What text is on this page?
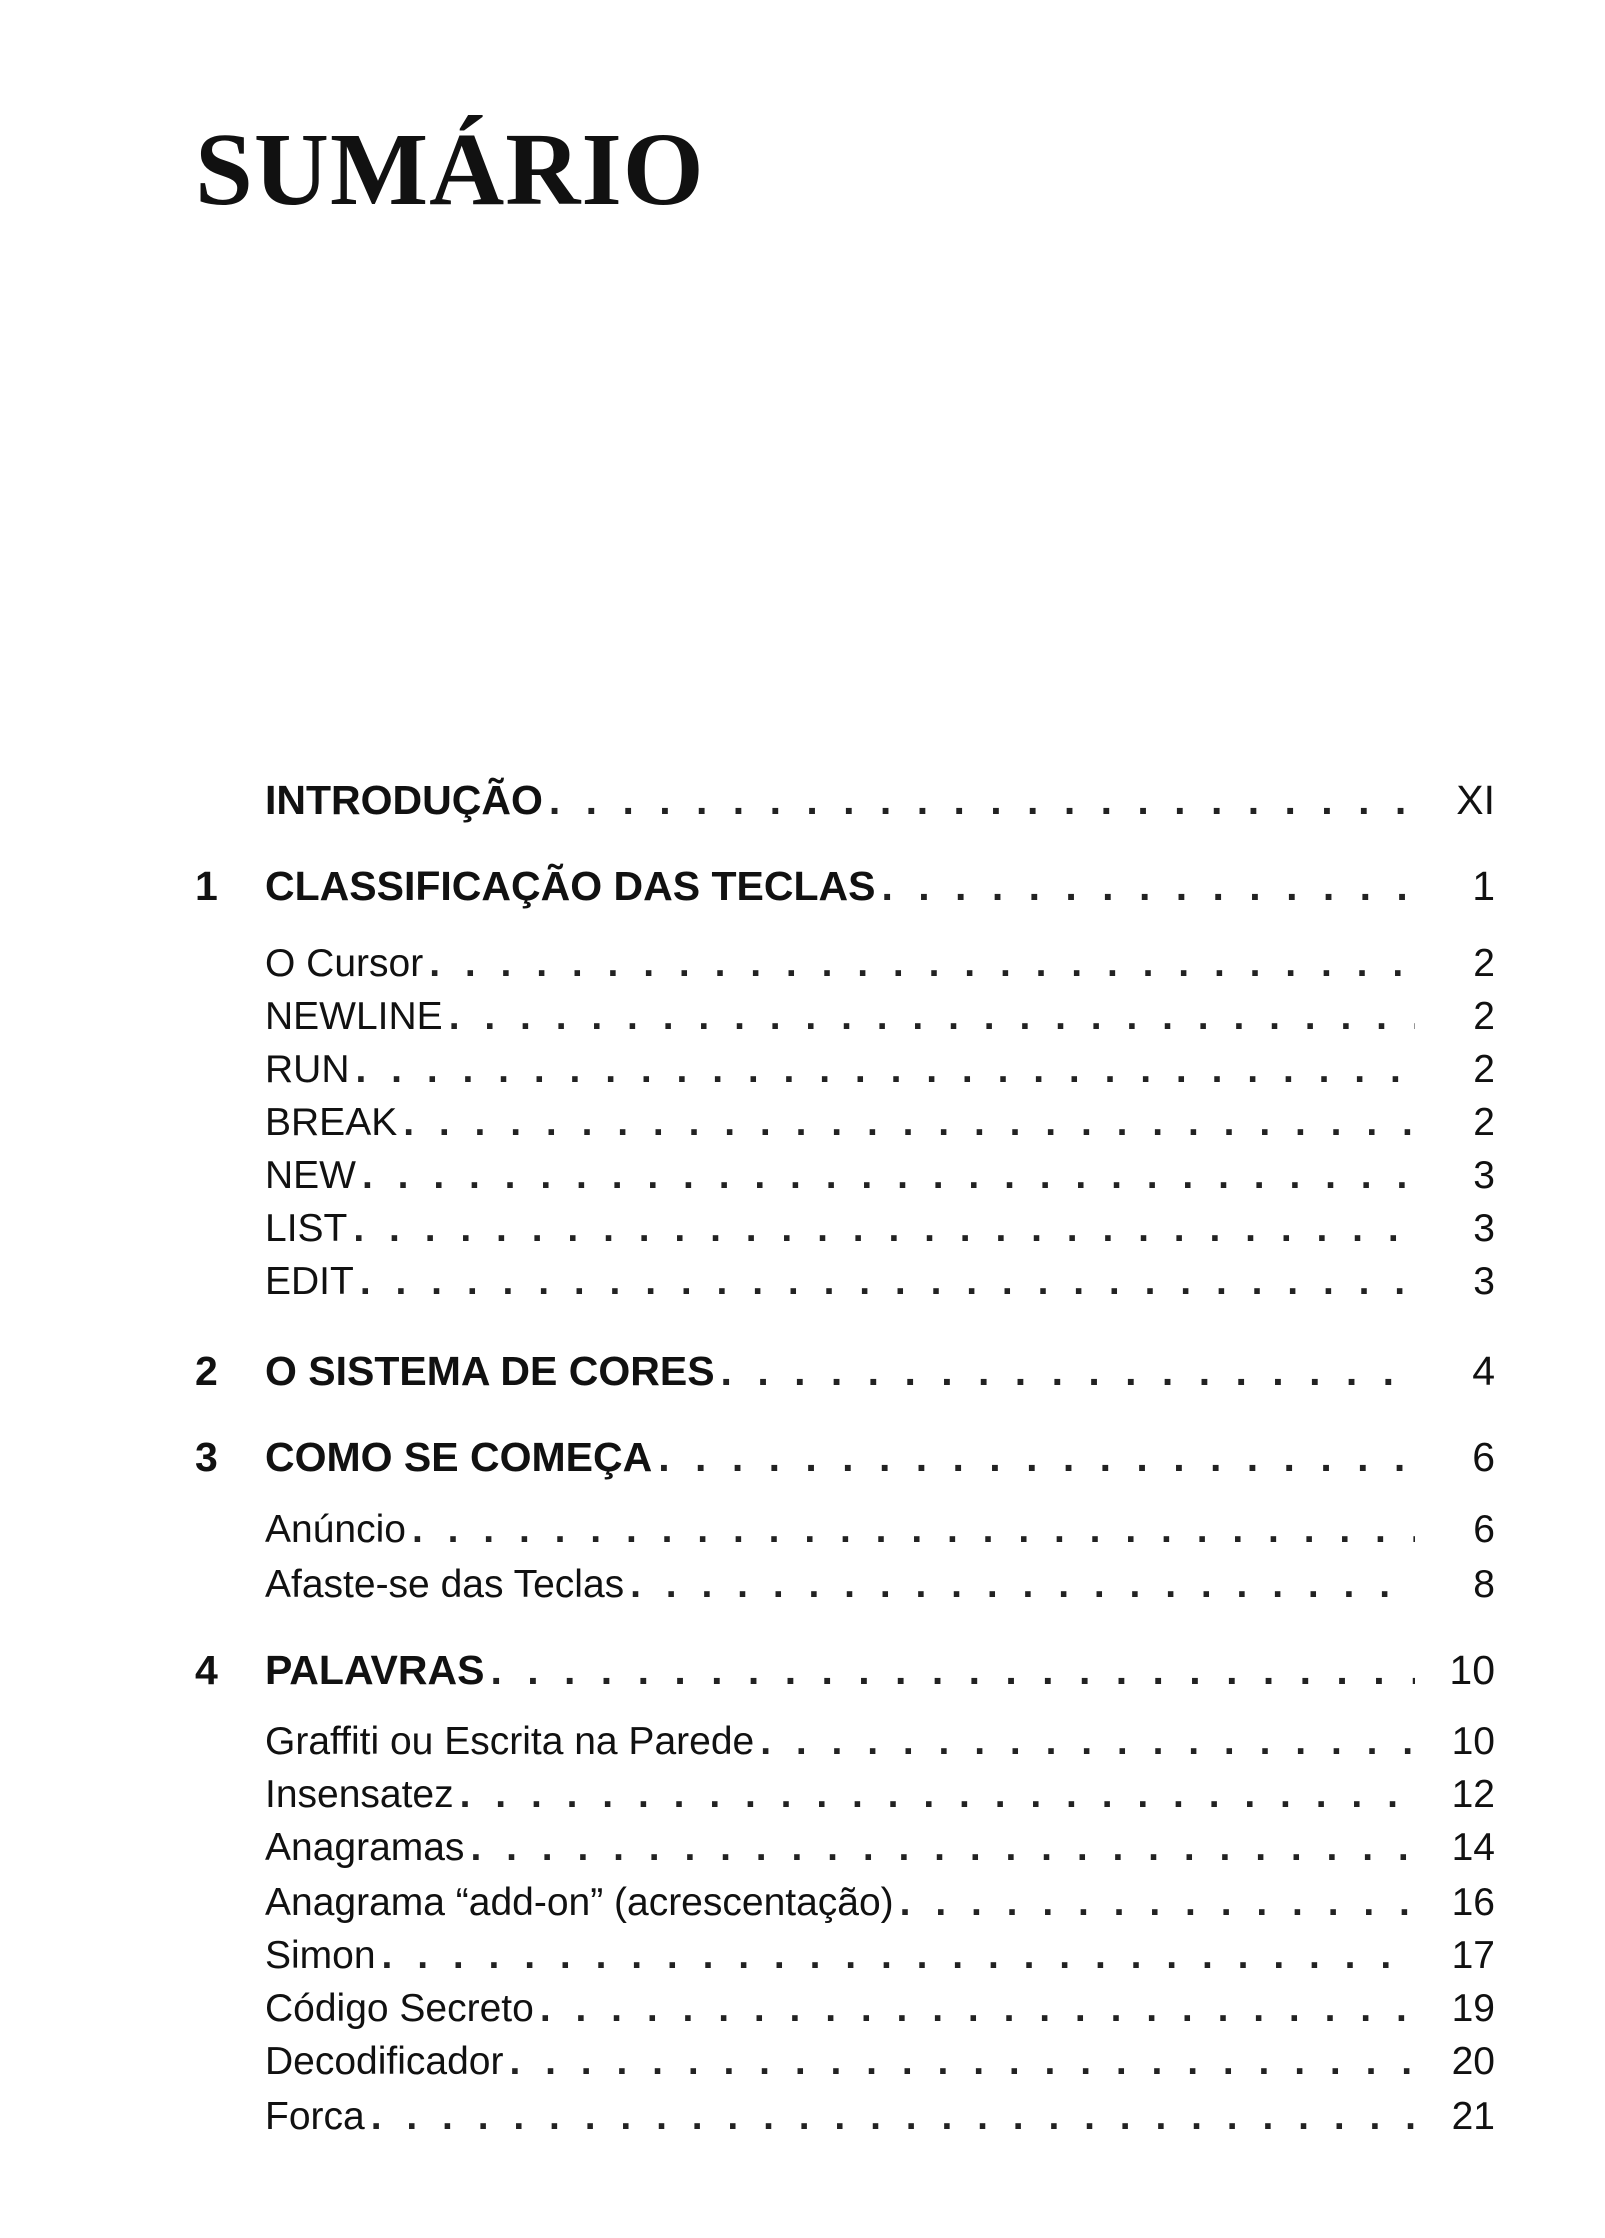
SUMÁRIO
INTRODUÇÃO . . .	XI
1	CLASSIFICAÇÃO DAS TECLAS . . .	1
O Cursor . . .	2
NEWLINE . . .	2
RUN . . .	2
BREAK . . .	2
NEW . . .	3
LIST . . .	3
EDIT . . .	3
2	O SISTEMA DE CORES . . .	4
3	COMO SE COMEÇA . . .	6
Anúncio . . .	6
Afaste-se das Teclas . . .	8
4	PALAVRAS . . .	10
Graffiti ou Escrita na Parede . . .	10
Insensatez . . .	12
Anagramas . . .	14
Anagrama “add-on” (acrescentação) . . .	16
Simon . . .	17
Código Secreto . . .	19
Decodificador . . .	20
Forca . . .	21
